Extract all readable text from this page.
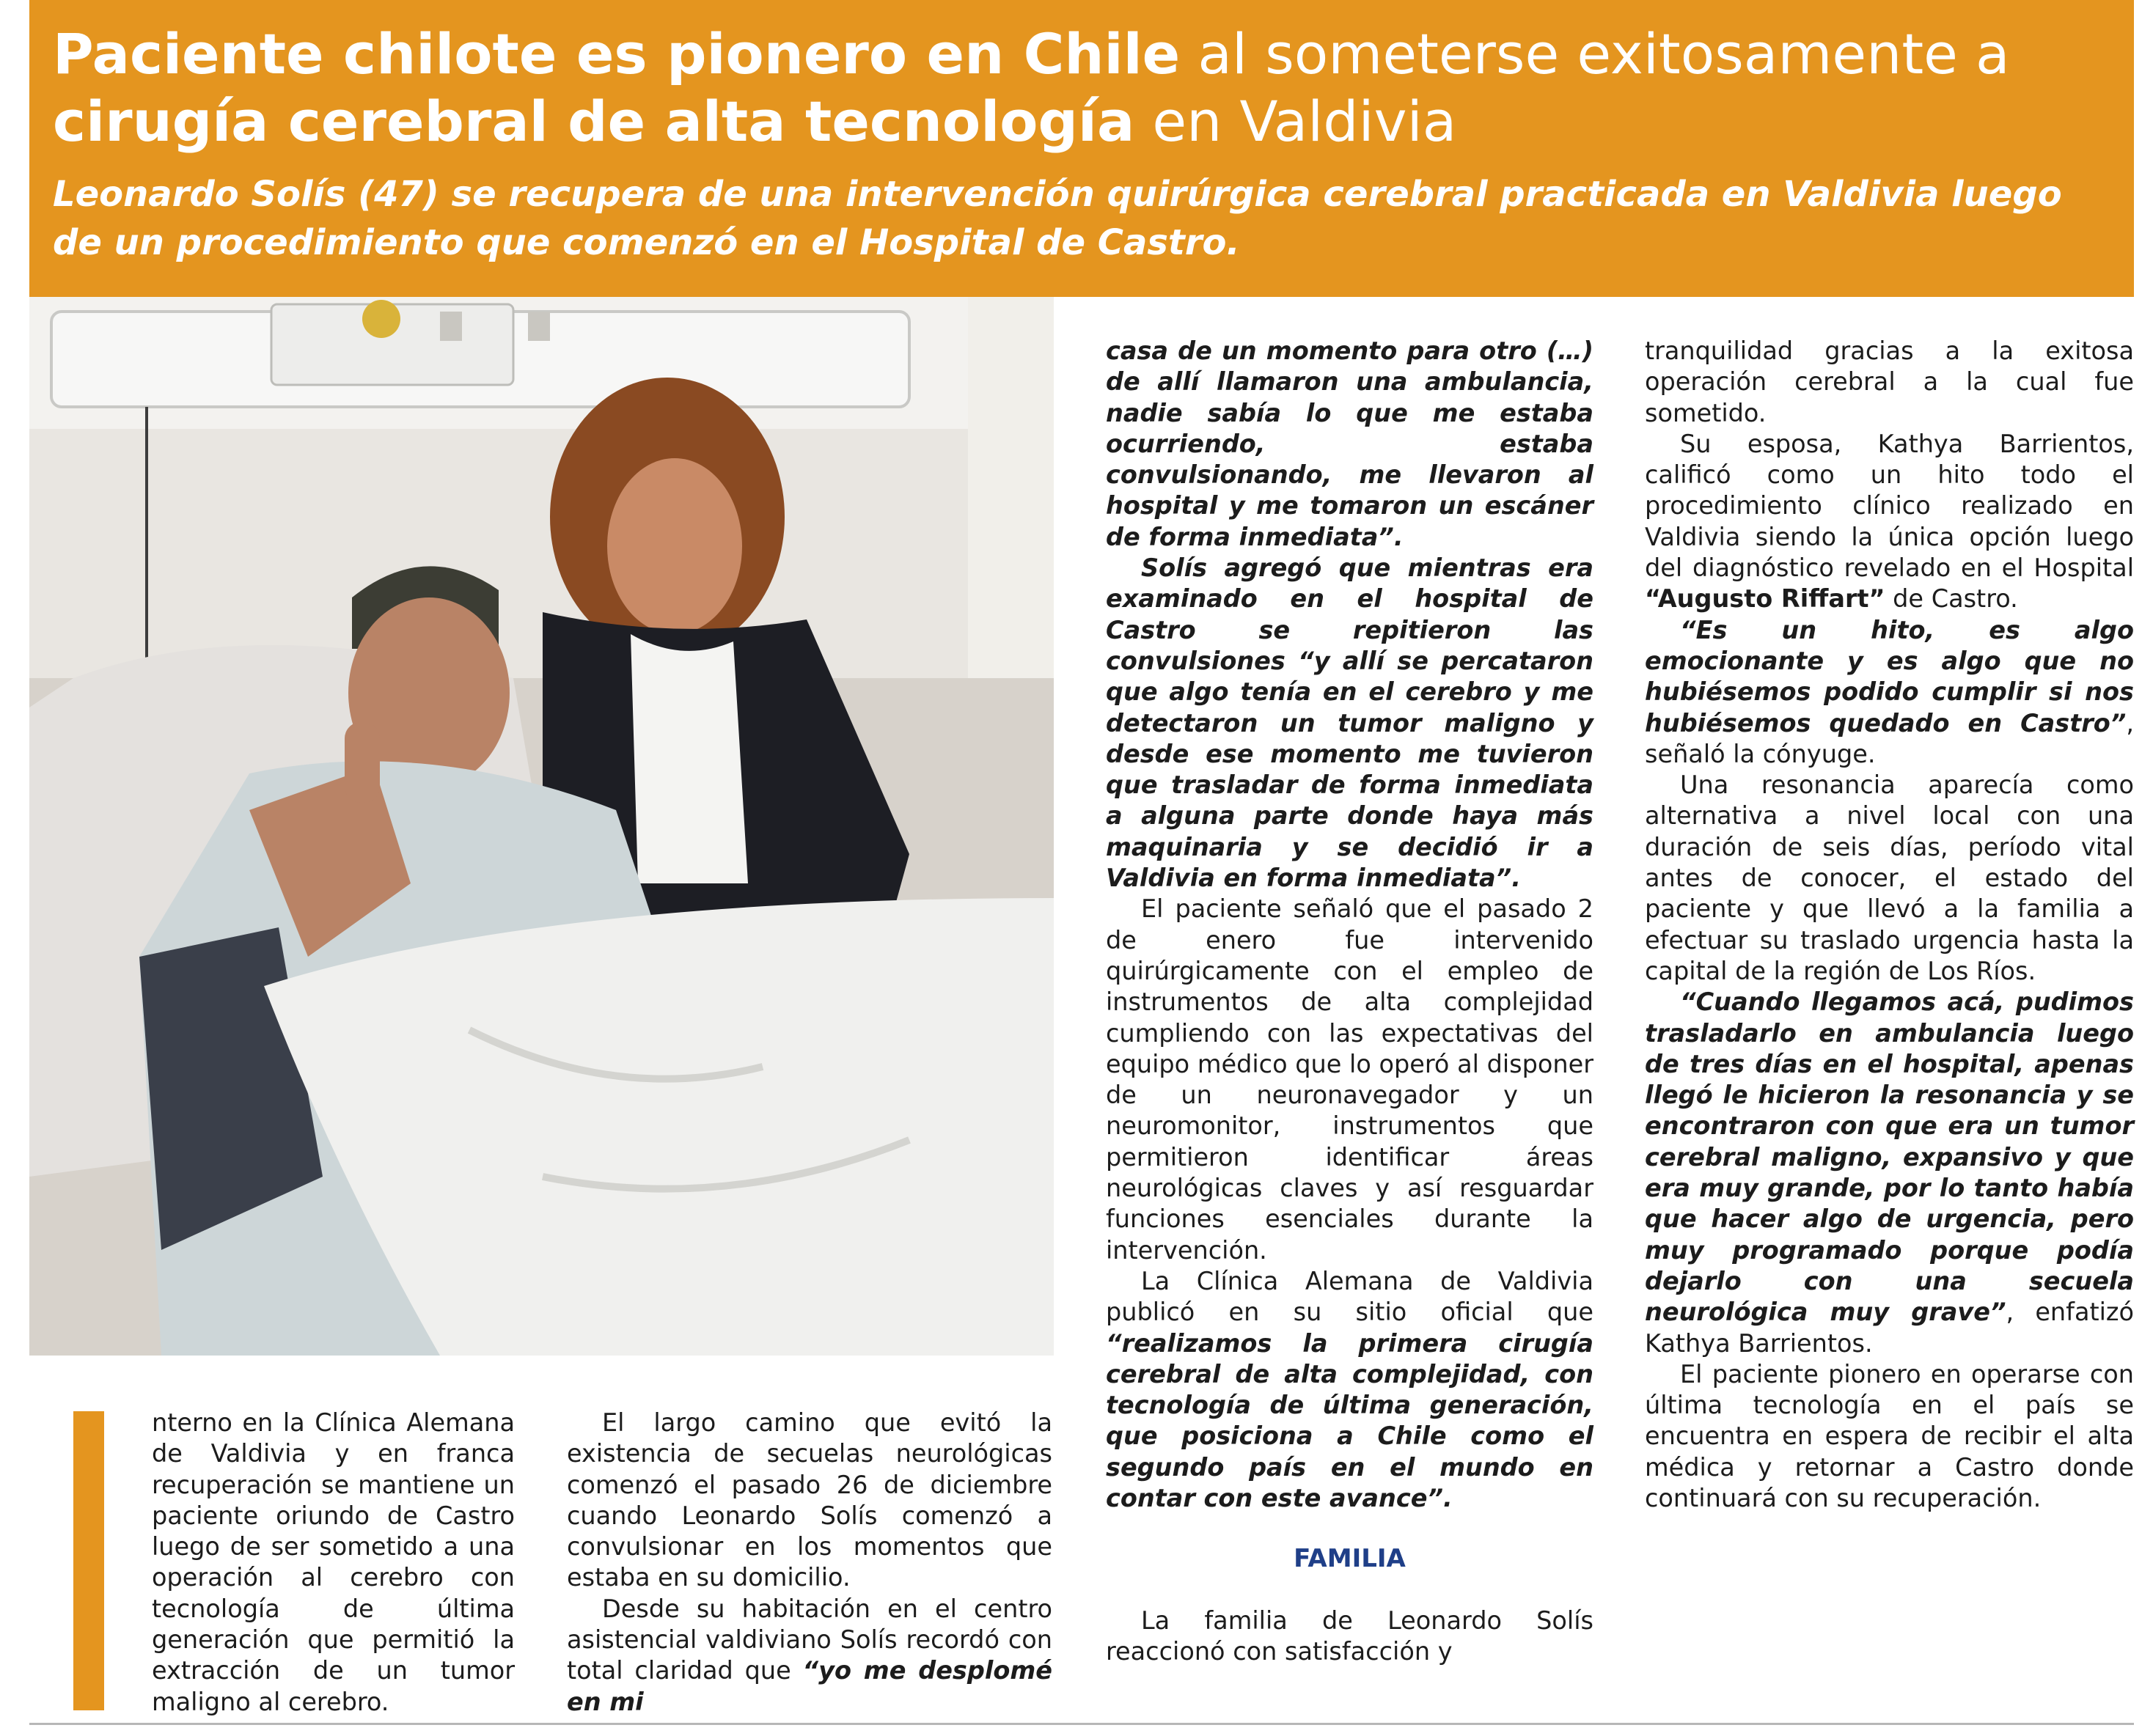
Paciente chilote es pionero en Chile al someterse exitosamente a cirugía cerebral de alta tecnología en Valdivia

Leonardo Solís (47) se recupera de una intervención quirúrgica cerebral practicada en Valdivia luego de un procedimiento que comenzó en el Hospital de Castro.

nterno en la Clínica Alemana de Valdivia y en franca recuperación se mantiene un paciente oriundo de Castro luego de ser sometido a una operación al cerebro con tecnología de última generación que permitió la extracción de un tumor maligno al cerebro.

El largo camino que evitó la existencia de secuelas neurológicas comenzó el pasado 26 de diciembre cuando Leonardo Solís comenzó a convulsionar en los momentos que estaba en su domicilio.

Desde su habitación en el centro asistencial valdiviano Solís recordó con total claridad que “yo me desplomé en mi

casa de un momento para otro (…) de allí llamaron una ambulancia, nadie sabía lo que me estaba ocurriendo, estaba convulsionando, me llevaron al hospital y me tomaron un escáner de forma inmediata”.

Solís agregó que mientras era examinado en el hospital de Castro se repitieron las convulsiones “y allí se percataron que algo tenía en el cerebro y me detectaron un tumor maligno y desde ese momento me tuvieron que trasladar de forma inmediata a alguna parte donde haya más maquinaria y se decidió ir a Valdivia en forma inmediata”.

El paciente señaló que el pasado 2 de enero fue intervenido quirúrgicamente con el empleo de instrumentos de alta complejidad cumpliendo con las expectativas del equipo médico que lo operó al disponer de un neuronavegador y un neuromonitor, instrumentos que permitieron identificar áreas neurológicas claves y así resguardar funciones esenciales durante la intervención.

La Clínica Alemana de Valdivia publicó en su sitio oficial que “realizamos la primera cirugía cerebral de alta complejidad, con tecnología de última generación, que posiciona a Chile como el segundo país en el mundo en contar con este avance”.

FAMILIA

La familia de Leonardo Solís reaccionó con satisfacción y

tranquilidad gracias a la exitosa operación cerebral a la cual fue sometido.

Su esposa, Kathya Barrientos, calificó como un hito todo el procedimiento clínico realizado en Valdivia siendo la única opción luego del diagnóstico revelado en el Hospital “Augusto Riffart” de Castro.

“Es un hito, es algo emocionante y es algo que no hubiésemos podido cumplir si nos hubiésemos quedado en Castro”, señaló la cónyuge.

Una resonancia aparecía como alternativa a nivel local con una duración de seis días, período vital antes de conocer, el estado del paciente y que llevó a la familia a efectuar su traslado urgencia hasta la capital de la región de Los Ríos.

“Cuando llegamos acá, pudimos trasladarlo en ambulancia luego de tres días en el hospital, apenas llegó le hicieron la resonancia y se encontraron con que era un tumor cerebral maligno, expansivo y que era muy grande, por lo tanto había que hacer algo de urgencia, pero muy programado porque podía dejarlo con una secuela neurológica muy grave”, enfatizó Kathya Barrientos.

El paciente pionero en operarse con última tecnología en el país se encuentra en espera de recibir el alta médica y retornar a Castro donde continuará con su recuperación.
